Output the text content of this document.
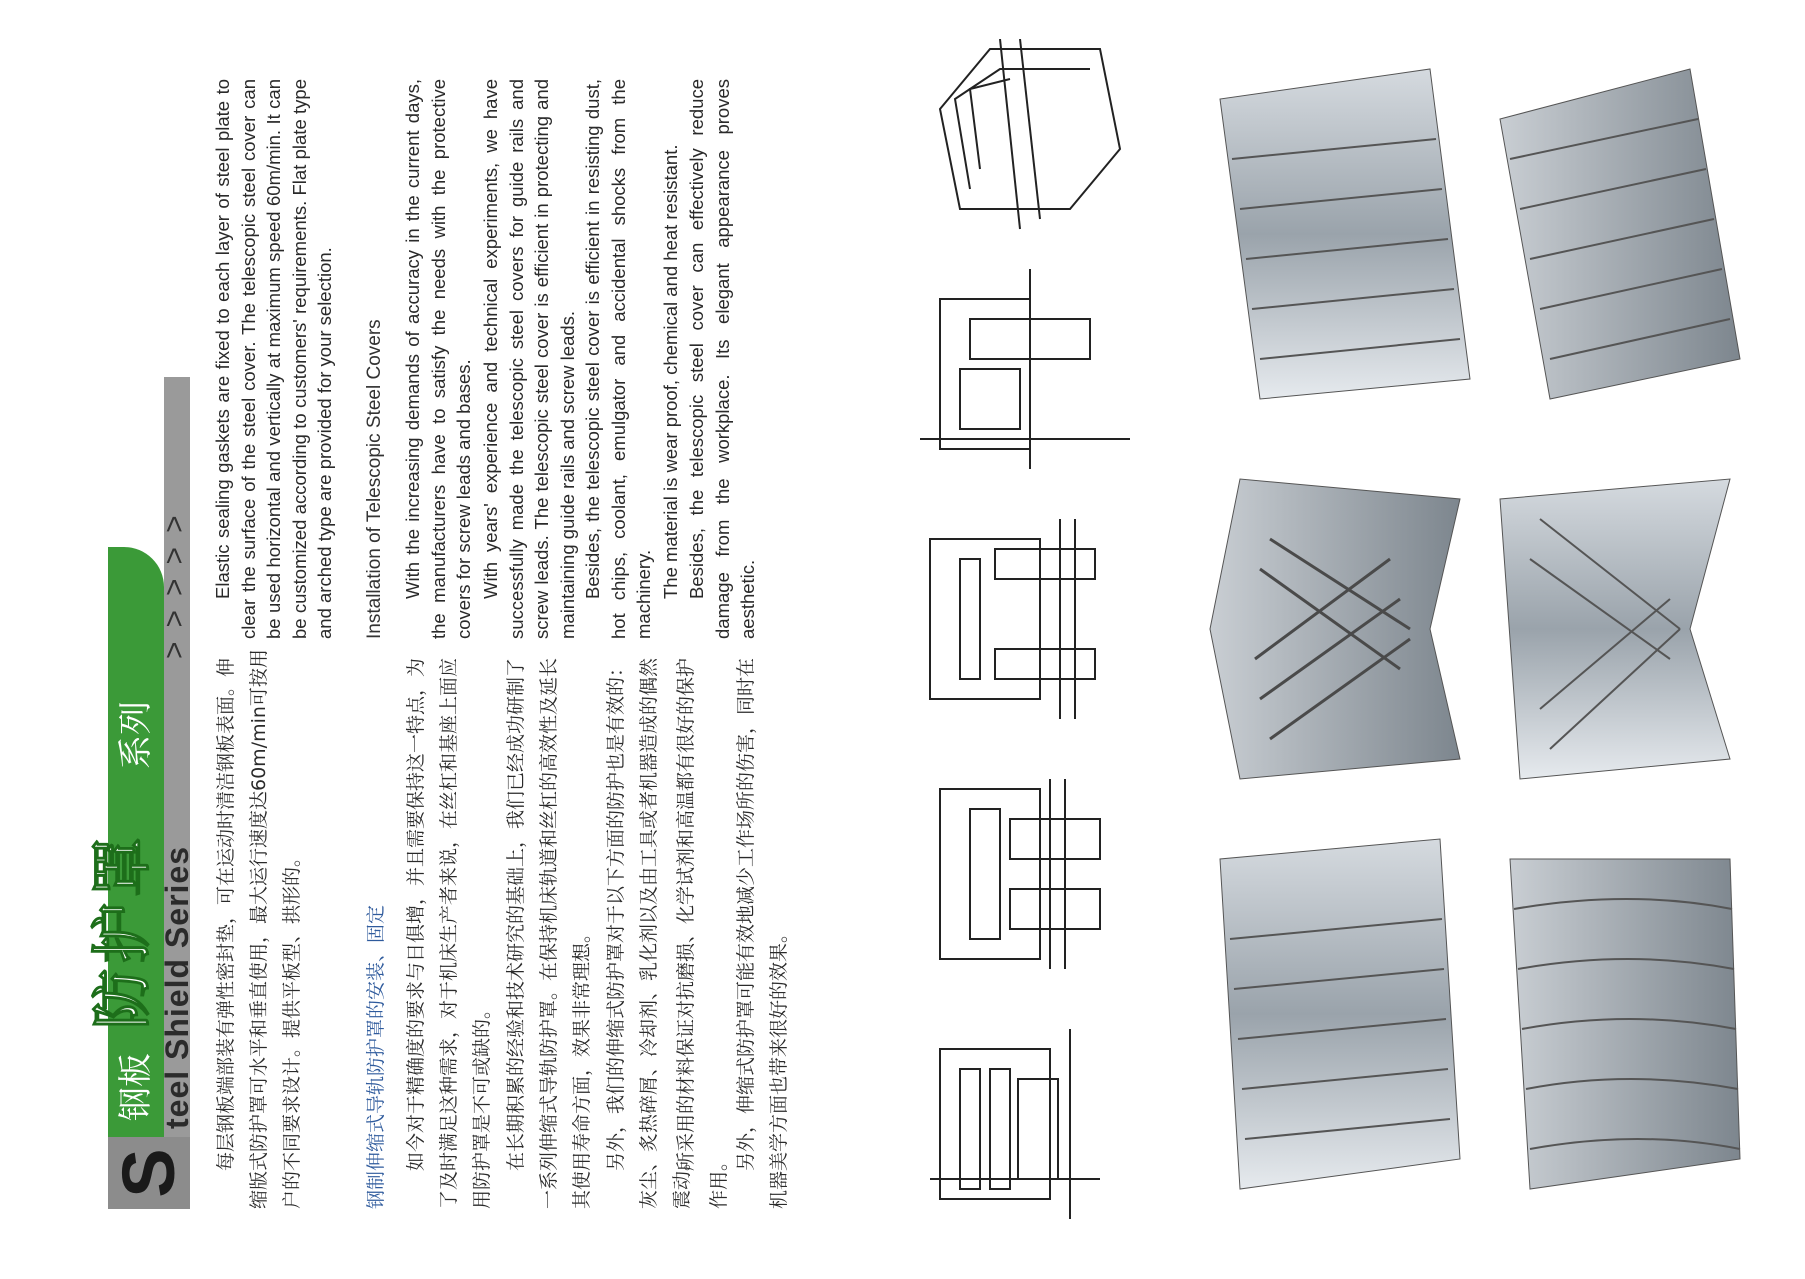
S
钢板
防护罩
系列
teel Shield Series
>>>>>

每层钢板端部装有弹性密封垫，可在运动时清洁钢板表面。伸缩版式防护罩可水平和垂直使用，最大运行速度达60m/min可按用户的不同要求设计。提供平板型、拱形的。	钢制伸缩式导轨防护罩的安装、固定 如今对于精确度的要求与日俱增，并且需要保持这一特点，为了及时满足这种需求，对于机床生产者来说，在丝杠和基座上面应用防护罩是不可或缺的。 在长期积累的经验和技术研究的基础上，我们已经成功研制了一系列伸缩式导轨防护罩。在保持机床轨道和丝杠的高效性及延长其使用寿命方面，效果非常理想。 另外，我们的伸缩式防护罩对于以下方面的防护也是有效的：灰尘、炙热碎屑、冷却剂、乳化剂以及由工具或者机器造成的偶然震动。

所采用的材料保证对抗磨损、化学试剂和高温都有很好的保护作用。

另外，伸缩式防护罩可能有效地减少工作场所的伤害，同时在机器美学方面也带来很好的效果。

Elastic sealing gaskets are fixed to each layer of steel plate to clear the surface of the steel cover. The telescopic steel cover can be used horizontal and vertically at maximum speed 60m/min. It can be customized according to customers' requirements. Flat plate type and arched type are provided for your selection. Installation of Telescopic Steel Covers With the increasing demands of accuracy in the current days, the manufacturers have to satisfy the needs with the protective covers for screw leads and bases. With years' experience and technical experiments, we have successfully made the telescopic steel covers for guide rails and screw leads. The telescopic steel cover is efficient in protecting and maintaining guide rails and screw leads. Besides, the telescopic steel cover is efficient in resisting dust, hot chips, coolant, emulgator and accidental shocks from the machinery. The material is wear proof, chemical and heat resistant. Besides, the telescopic steel cover can effectively reduce damage from the workplace. Its elegant appearance proves aesthetic.
